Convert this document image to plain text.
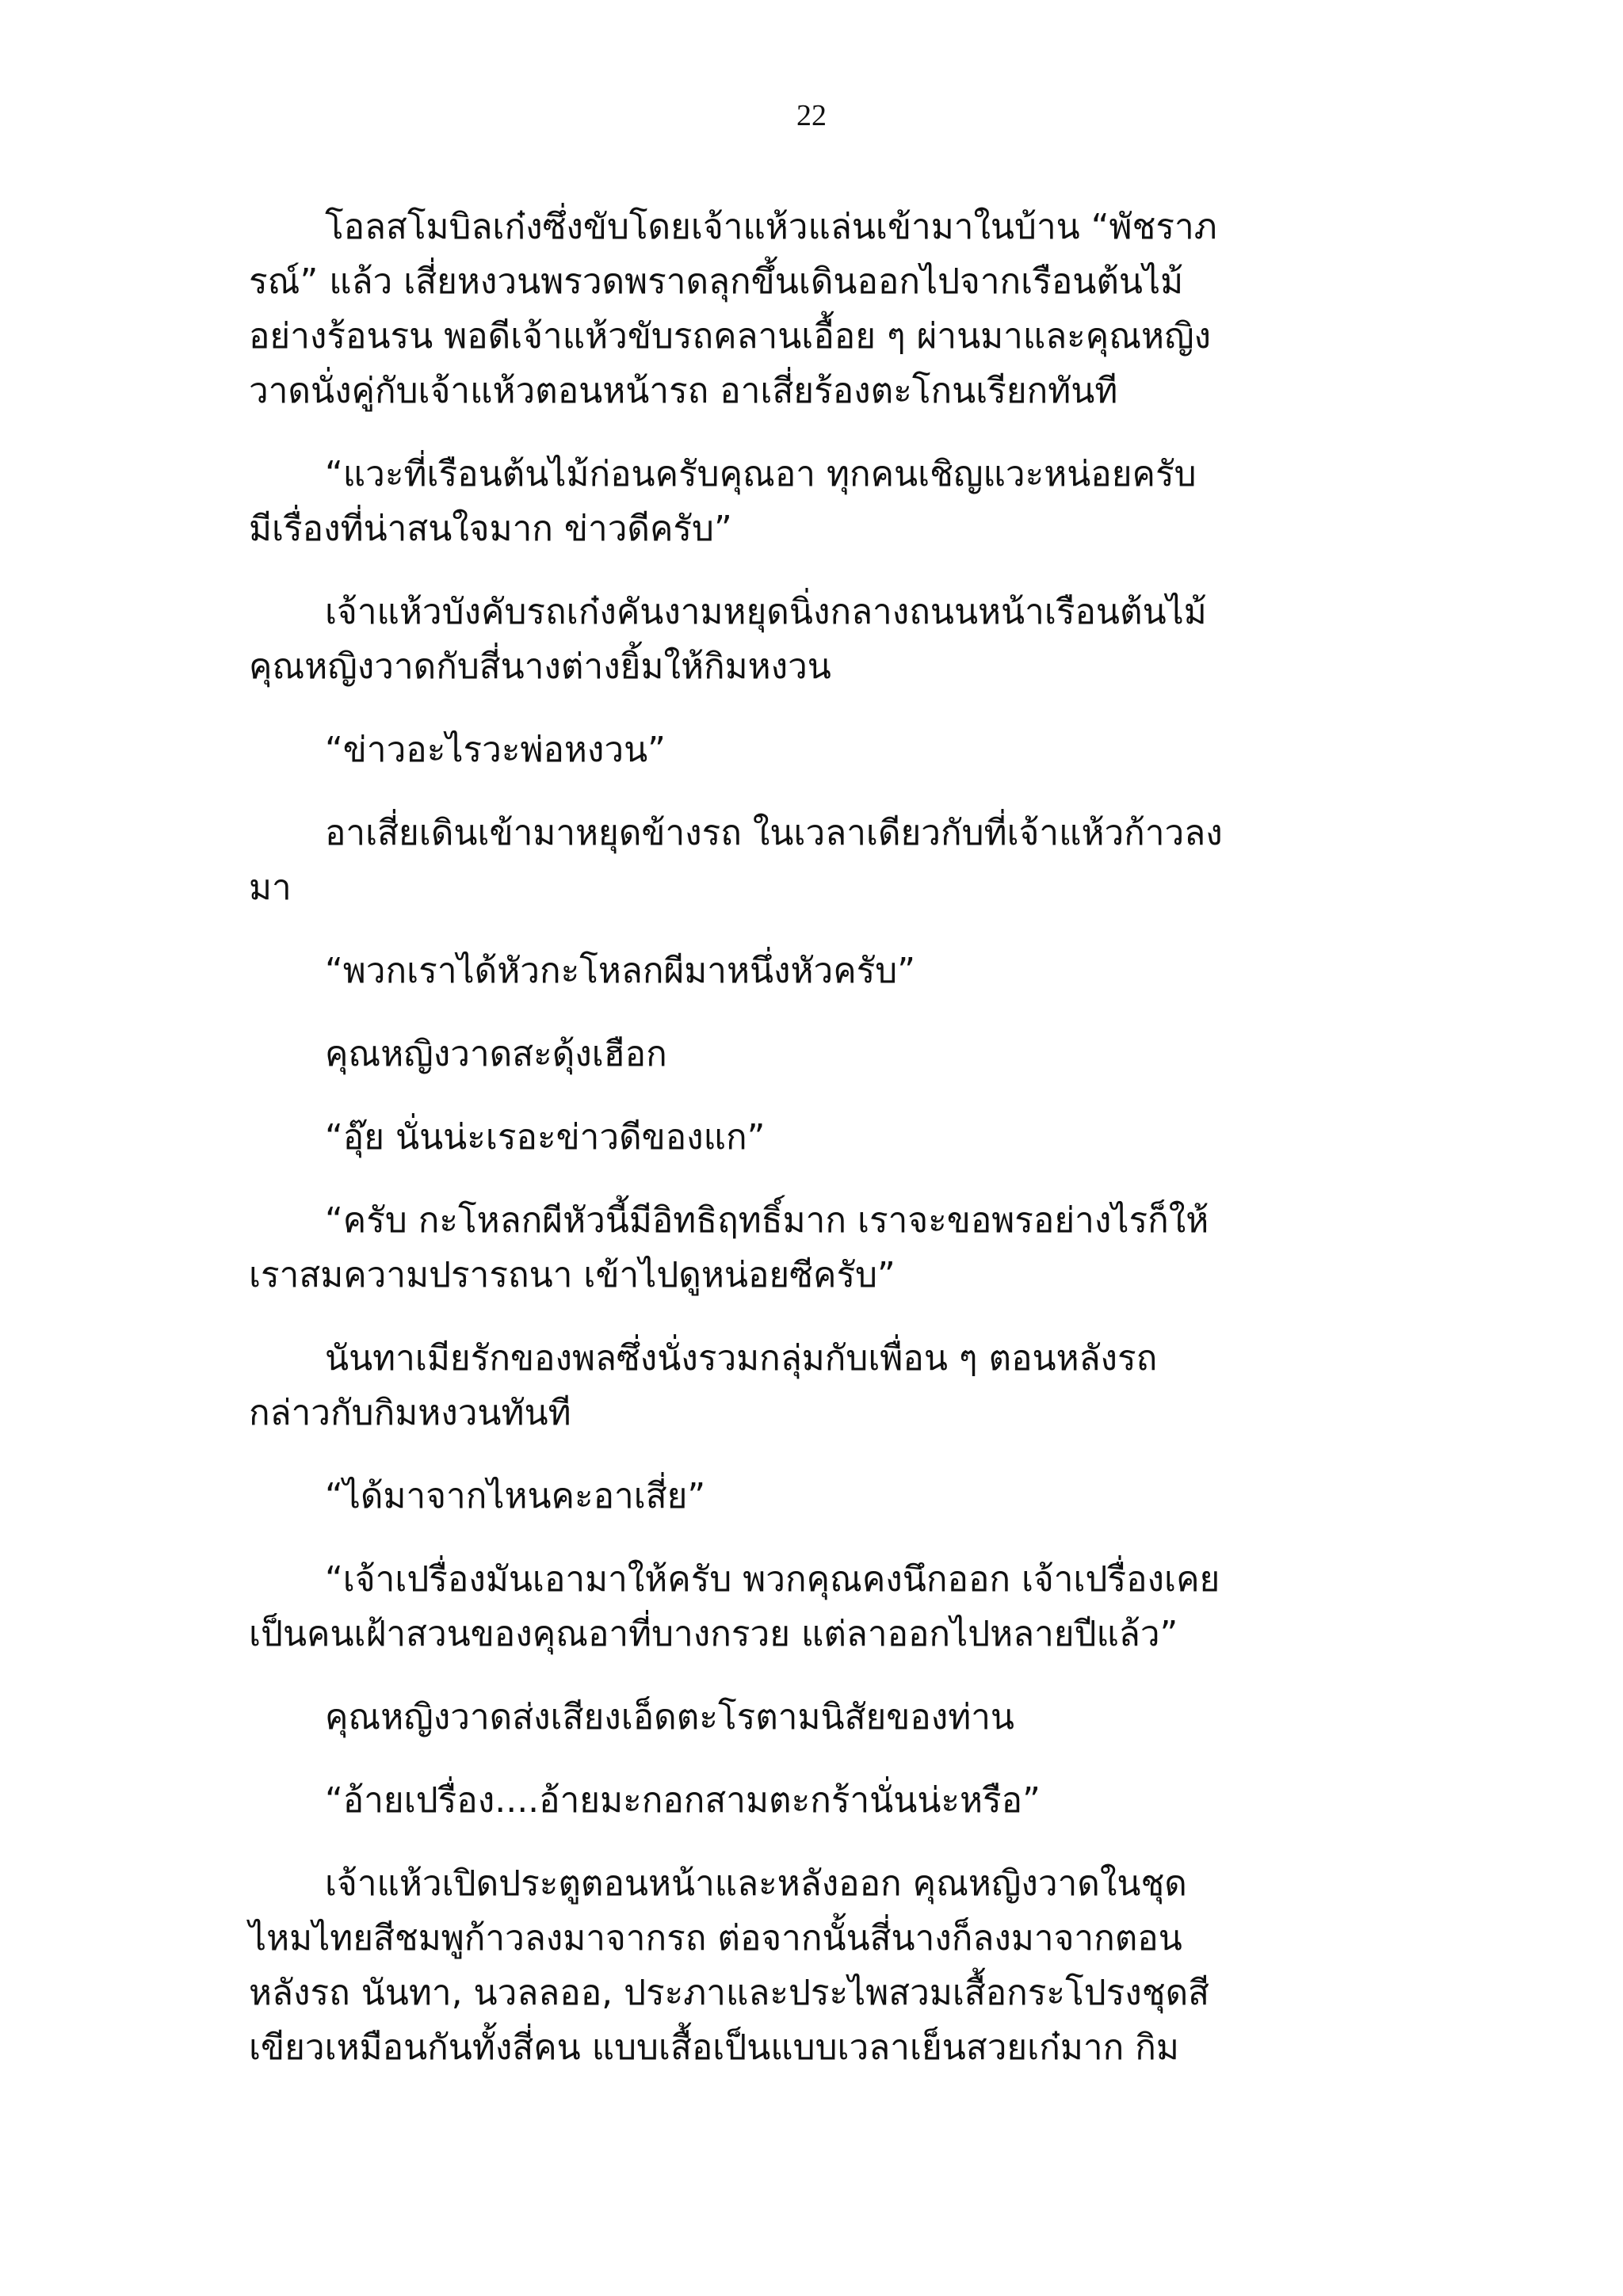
22
โอลสโมบิลเก๋งซึ่งขับโดยเจ้าแห้วแล่นเข้ามาในบ้าน “พัชราภ
รณ์” แล้ว เสี่ยหงวนพรวดพราดลุกขึ้นเดินออกไปจากเรือนต้นไม้
อย่างร้อนรน พอดีเจ้าแห้วขับรถคลานเอื้อย ๆ ผ่านมาและคุณหญิง
วาดนั่งคู่กับเจ้าแห้วตอนหน้ารถ อาเสี่ยร้องตะโกนเรียกทันที
“แวะที่เรือนต้นไม้ก่อนครับคุณอา ทุกคนเชิญแวะหน่อยครับ
มีเรื่องที่น่าสนใจมาก ข่าวดีครับ”
เจ้าแห้วบังคับรถเก๋งคันงามหยุดนิ่งกลางถนนหน้าเรือนต้นไม้
คุณหญิงวาดกับสี่นางต่างยิ้มให้กิมหงวน
“ข่าวอะไรวะพ่อหงวน”
อาเสี่ยเดินเข้ามาหยุดข้างรถ ในเวลาเดียวกับที่เจ้าแห้วก้าวลง
มา
“พวกเราได้หัวกะโหลกผีมาหนึ่งหัวครับ”
คุณหญิงวาดสะดุ้งเฮือก
“อุ๊ย นั่นน่ะเรอะข่าวดีของแก”
“ครับ กะโหลกผีหัวนี้มีอิทธิฤทธิ์มาก เราจะขอพรอย่างไรก็ให้
เราสมความปรารถนา เข้าไปดูหน่อยซีครับ”
นันทาเมียรักของพลซึ่งนั่งรวมกลุ่มกับเพื่อน ๆ ตอนหลังรถ
กล่าวกับกิมหงวนทันที
“ได้มาจากไหนคะอาเสี่ย”
“เจ้าเปรื่องมันเอามาให้ครับ พวกคุณคงนึกออก เจ้าเปรื่องเคย
เป็นคนเฝ้าสวนของคุณอาที่บางกรวย แต่ลาออกไปหลายปีแล้ว”
คุณหญิงวาดส่งเสียงเอ็ดตะโรตามนิสัยของท่าน
“อ้ายเปรื่อง....อ้ายมะกอกสามตะกร้านั่นน่ะหรือ”
เจ้าแห้วเปิดประตูตอนหน้าและหลังออก คุณหญิงวาดในชุด
ไหมไทยสีชมพูก้าวลงมาจากรถ ต่อจากนั้นสี่นางก็ลงมาจากตอน
หลังรถ นันทา, นวลลออ, ประภาและประไพสวมเสื้อกระโปรงชุดสี
เขียวเหมือนกันทั้งสี่คน แบบเสื้อเป็นแบบเวลาเย็นสวยเก๋มาก กิม
